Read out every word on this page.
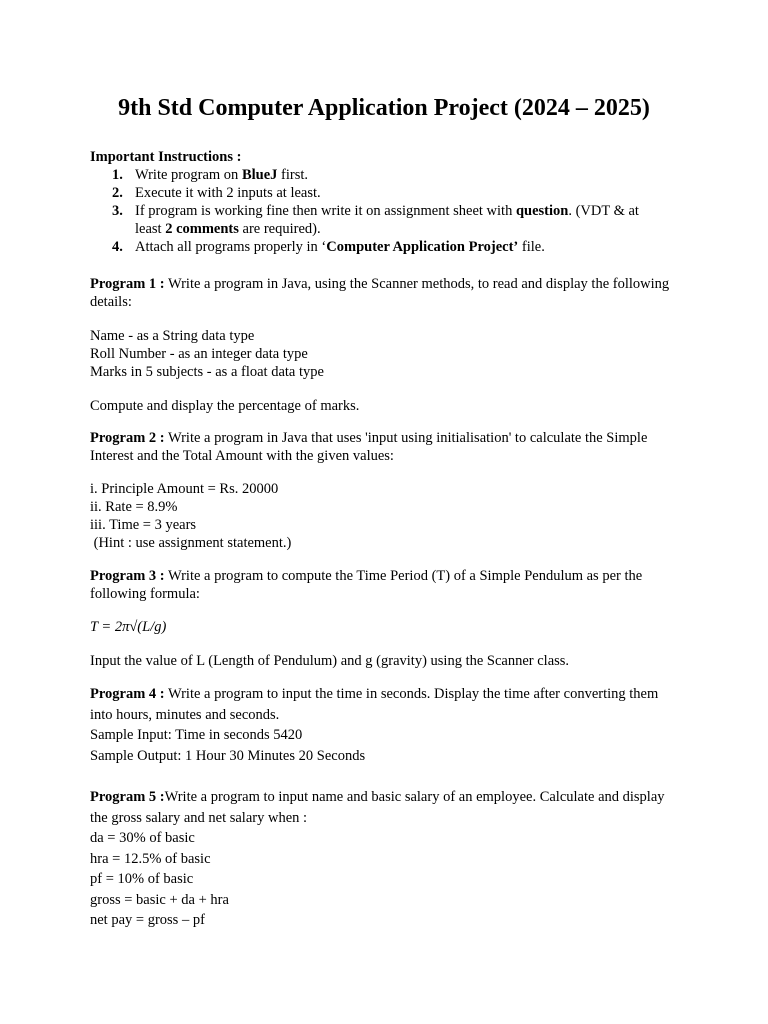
9th Std Computer Application Project (2024 – 2025)
Important Instructions :
1. Write program on BlueJ first.
2. Execute it with 2 inputs at least.
3. If program is working fine then write it on assignment sheet with question. (VDT & at least 2 comments are required).
4. Attach all programs properly in ‘Computer Application Project’ file.

Program 1 : Write a program in Java, using the Scanner methods, to read and display the following details:

Name - as a String data type
Roll Number - as an integer data type
Marks in 5 subjects - as a float data type

Compute and display the percentage of marks.

Program 2 : Write a program in Java that uses 'input using initialisation' to calculate the Simple Interest and the Total Amount with the given values:

i. Principle Amount = Rs. 20000
ii. Rate = 8.9%
iii. Time = 3 years
(Hint : use assignment statement.)

Program 3 : Write a program to compute the Time Period (T) of a Simple Pendulum as per the following formula:

T = 2π√(L/g)

Input the value of L (Length of Pendulum) and g (gravity) using the Scanner class.

Program 4 : Write a program to input the time in seconds. Display the time after converting them into hours, minutes and seconds.
Sample Input: Time in seconds 5420
Sample Output: 1 Hour 30 Minutes 20 Seconds
Program 5 :Write a program to input name and basic salary of an employee. Calculate and display the gross salary and net salary when :
da = 30% of basic
hra = 12.5% of basic
pf = 10% of basic
gross = basic + da + hra
net pay = gross – pf
